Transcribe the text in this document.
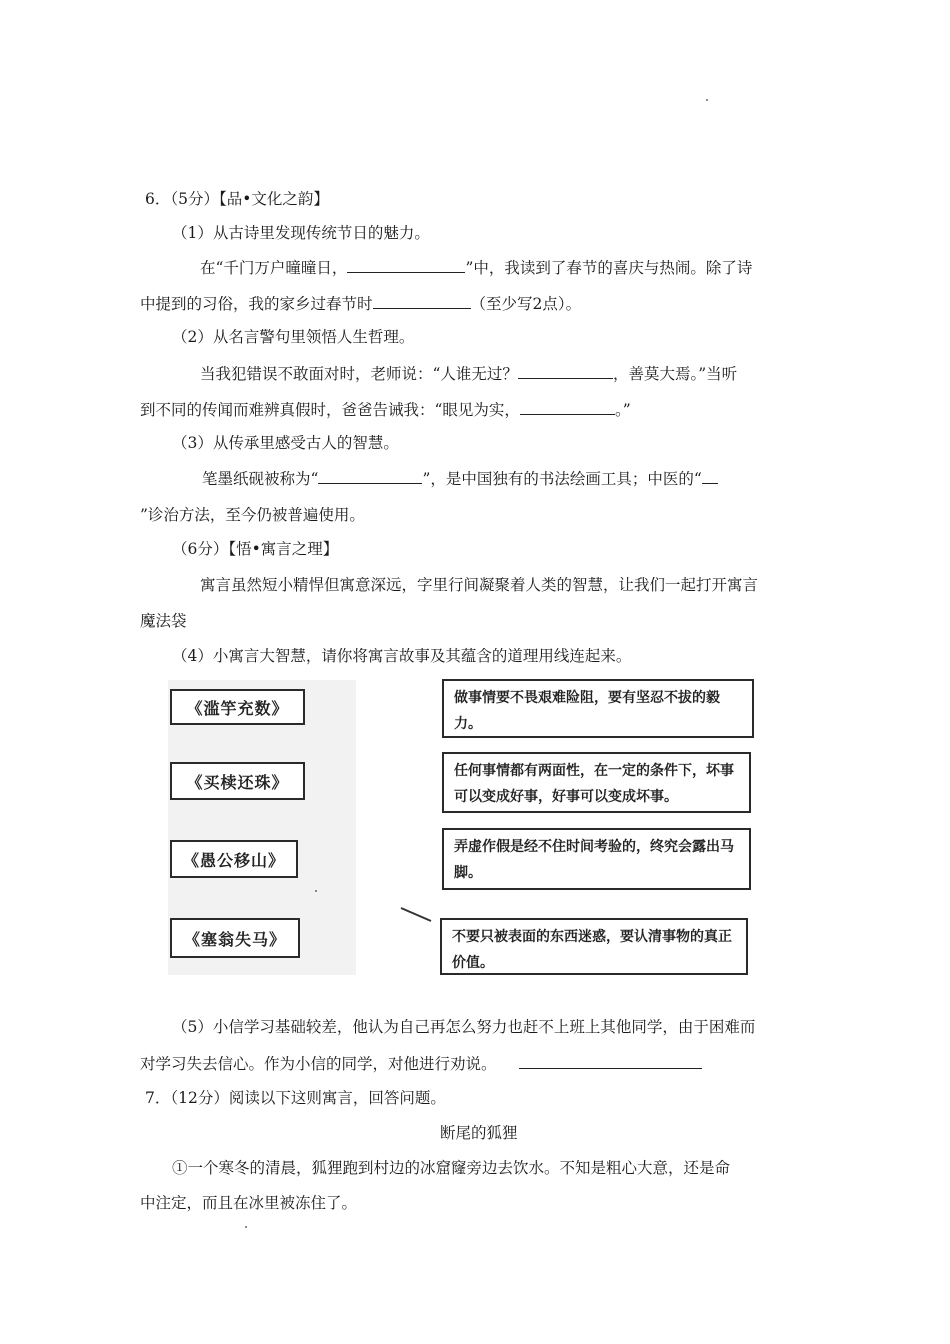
6．（5分）【品•文化之韵】
（1）从古诗里发现传统节日的魅力。
在“千门万户曈曈日，	”中，我读到了春节的喜庆与热闹。除了诗
中提到的习俗，我的家乡过春节时	（至少写2点）。
（2）从名言警句里领悟人生哲理。
当我犯错误不敢面对时，老师说：“人谁无过？	，善莫大焉。”当听
到不同的传闻而难辨真假时，爸爸告诫我：“眼见为实，	。”
（3）从传承里感受古人的智慧。
笔墨纸砚被称为“	”，是中国独有的书法绘画工具；中医的“
”诊治方法，至今仍被普遍使用。
（6分）【悟•寓言之理】
寓言虽然短小精悍但寓意深远，字里行间凝聚着人类的智慧，让我们一起打开寓言
魔法袋
（4）小寓言大智慧，请你将寓言故事及其蕴含的道理用线连起来。
《滥竽充数》
《买椟还珠》
《愚公移山》
《塞翁失马》
做事情要不畏艰难险阻，要有坚忍不拔的毅力。
任何事情都有两面性，在一定的条件下，坏事可以变成好事，好事可以变成坏事。
弄虚作假是经不住时间考验的，终究会露出马脚。
不要只被表面的东西迷惑，要认清事物的真正价值。
（5）小信学习基础较差，他认为自己再怎么努力也赶不上班上其他同学，由于困难而
对学习失去信心。作为小信的同学，对他进行劝说。
7．（12分）阅读以下这则寓言，回答问题。
断尾的狐狸
①一个寒冬的清晨，狐狸跑到村边的冰窟窿旁边去饮水。不知是粗心大意，还是命
中注定，而且在冰里被冻住了。
